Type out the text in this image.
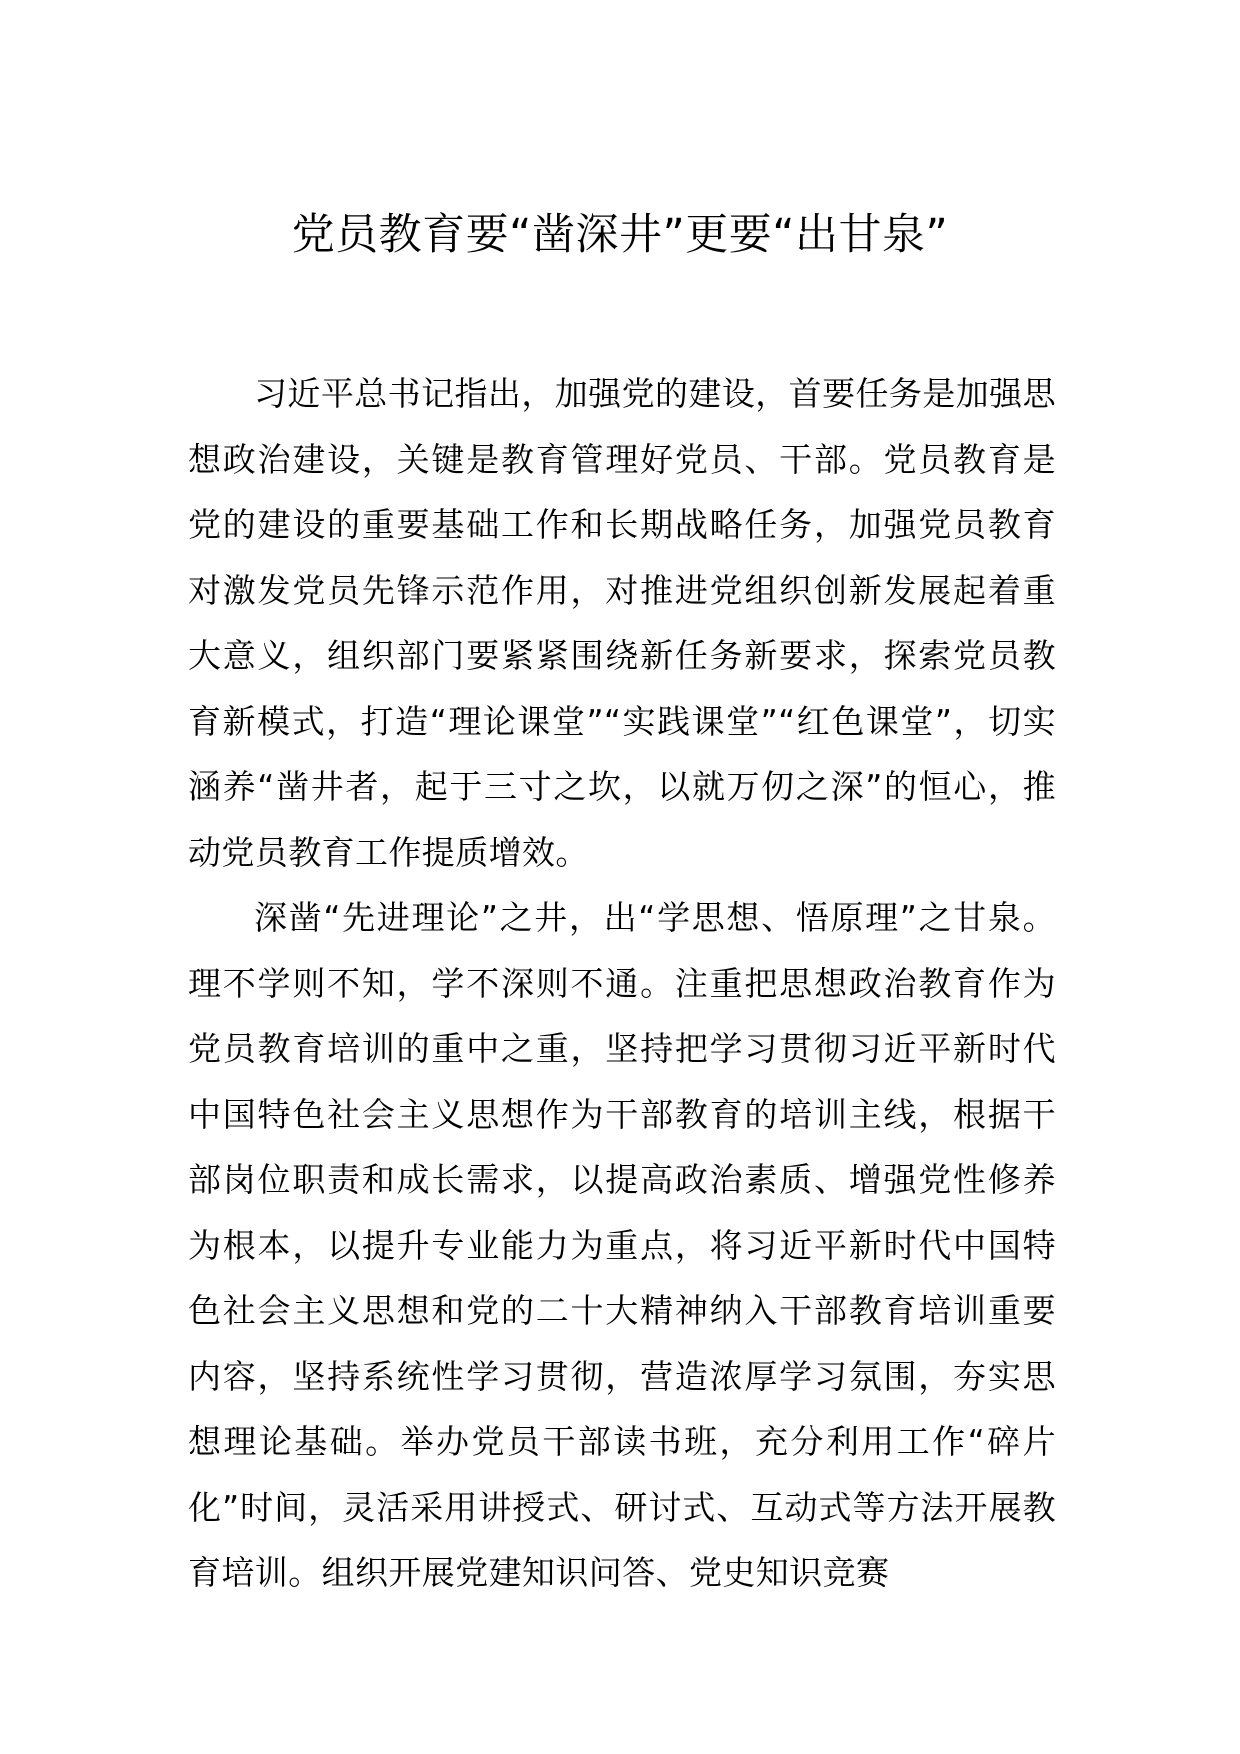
党员教育要“凿深井”更要“出甘泉”

习近平总书记指出，加强党的建设，首要任务是加强思想政治建设，关键是教育管理好党员、干部。党员教育是党的建设的重要基础工作和长期战略任务，加强党员教育对激发党员先锋示范作用，对推进党组织创新发展起着重大意义，组织部门要紧紧围绕新任务新要求，探索党员教育新模式，打造“理论课堂”“实践课堂”“红色课堂”，切实涵养“凿井者，起于三寸之坎，以就万仞之深”的恒心，推动党员教育工作提质增效。

深凿“先进理论”之井，出“学思想、悟原理”之甘泉。理不学则不知，学不深则不通。注重把思想政治教育作为党员教育培训的重中之重，坚持把学习贯彻习近平新时代中国特色社会主义思想作为干部教育的培训主线，根据干部岗位职责和成长需求，以提高政治素质、增强党性修养为根本，以提升专业能力为重点，将习近平新时代中国特色社会主义思想和党的二十大精神纳入干部教育培训重要内容，坚持系统性学习贯彻，营造浓厚学习氛围，夯实思想理论基础。举办党员干部读书班，充分利用工作“碎片化”时间，灵活采用讲授式、研讨式、互动式等方法开展教育培训。组织开展党建知识问答、党史知识竞赛
